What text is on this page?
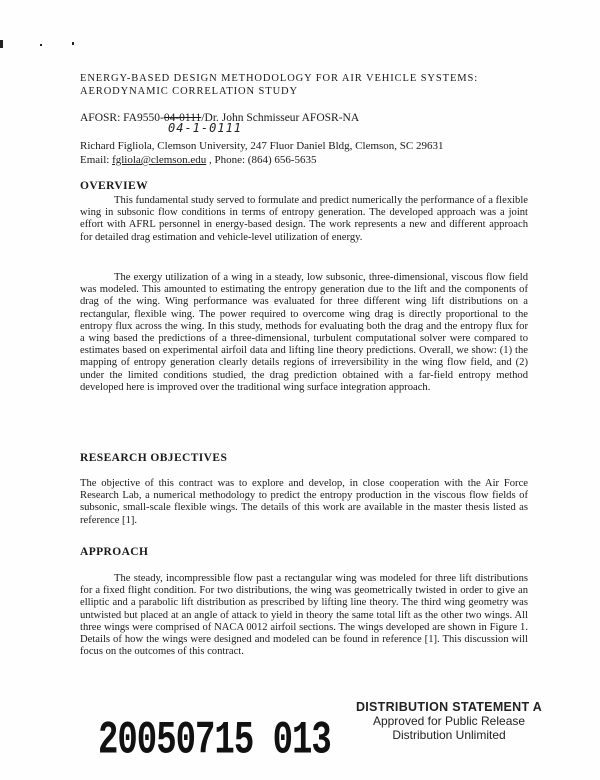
ENERGY-BASED DESIGN METHODOLOGY FOR AIR VEHICLE SYSTEMS:
AERODYNAMIC CORRELATION STUDY
AFOSR: FA9550-04-0111/Dr. John Schmisseur AFOSR-NA
04-1-0111
Richard Figliola, Clemson University, 247 Fluor Daniel Bldg, Clemson, SC 29631
Email: fgliola@clemson.edu , Phone: (864) 656-5635
OVERVIEW
This fundamental study served to formulate and predict numerically the performance of a flexible wing in subsonic flow conditions in terms of entropy generation. The developed approach was a joint effort with AFRL personnel in energy-based design. The work represents a new and different approach for detailed drag estimation and vehicle-level utilization of energy.
The exergy utilization of a wing in a steady, low subsonic, three-dimensional, viscous flow field was modeled. This amounted to estimating the entropy generation due to the lift and the components of drag of the wing. Wing performance was evaluated for three different wing lift distributions on a rectangular, flexible wing. The power required to overcome wing drag is directly proportional to the entropy flux across the wing. In this study, methods for evaluating both the drag and the entropy flux for a wing based the predictions of a three-dimensional, turbulent computational solver were compared to estimates based on experimental airfoil data and lifting line theory predictions. Overall, we show: (1) the mapping of entropy generation clearly details regions of irreversibility in the wing flow field, and (2) under the limited conditions studied, the drag prediction obtained with a far-field entropy method developed here is improved over the traditional wing surface integration approach.
RESEARCH OBJECTIVES
The objective of this contract was to explore and develop, in close cooperation with the Air Force Research Lab, a numerical methodology to predict the entropy production in the viscous flow fields of subsonic, small-scale flexible wings. The details of this work are available in the master thesis listed as reference [1].
APPROACH
The steady, incompressible flow past a rectangular wing was modeled for three lift distributions for a fixed flight condition. For two distributions, the wing was geometrically twisted in order to give an elliptic and a parabolic lift distribution as prescribed by lifting line theory. The third wing geometry was untwisted but placed at an angle of attack to yield in theory the same total lift as the other two wings. All three wings were comprised of NACA 0012 airfoil sections. The wings developed are shown in Figure 1. Details of how the wings were designed and modeled can be found in reference [1]. This discussion will focus on the outcomes of this contract.
20050715 013
DISTRIBUTION STATEMENT A
Approved for Public Release
Distribution Unlimited
